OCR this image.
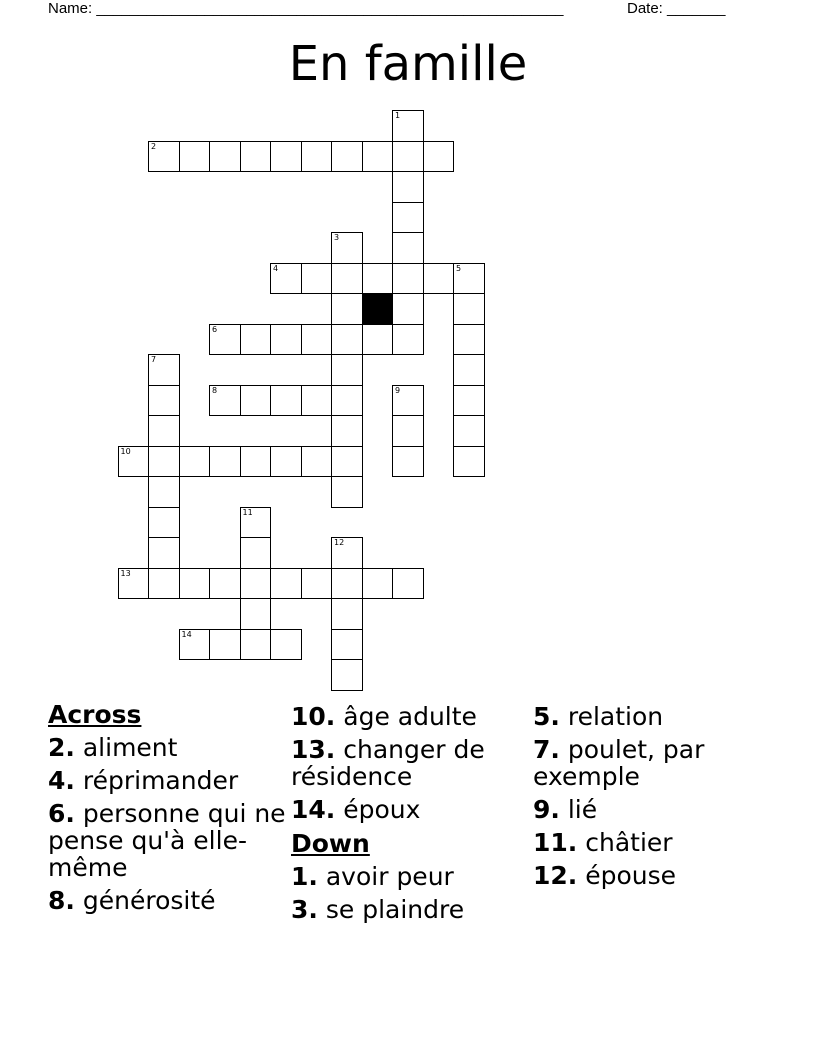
Name: ________________________________________________________	Date: _______
En famille
1
2
3
4	5
6
7
8	9
10
11
12
13
14
Across
2. aliment
4. réprimander
6. personne qui ne pense qu'à elle-même
8. générosité
10. âge adulte
13. changer de résidence
14. époux
Down
1. avoir peur
3. se plaindre
5. relation
7. poulet, par exemple
9. lié
11. châtier
12. épouse
